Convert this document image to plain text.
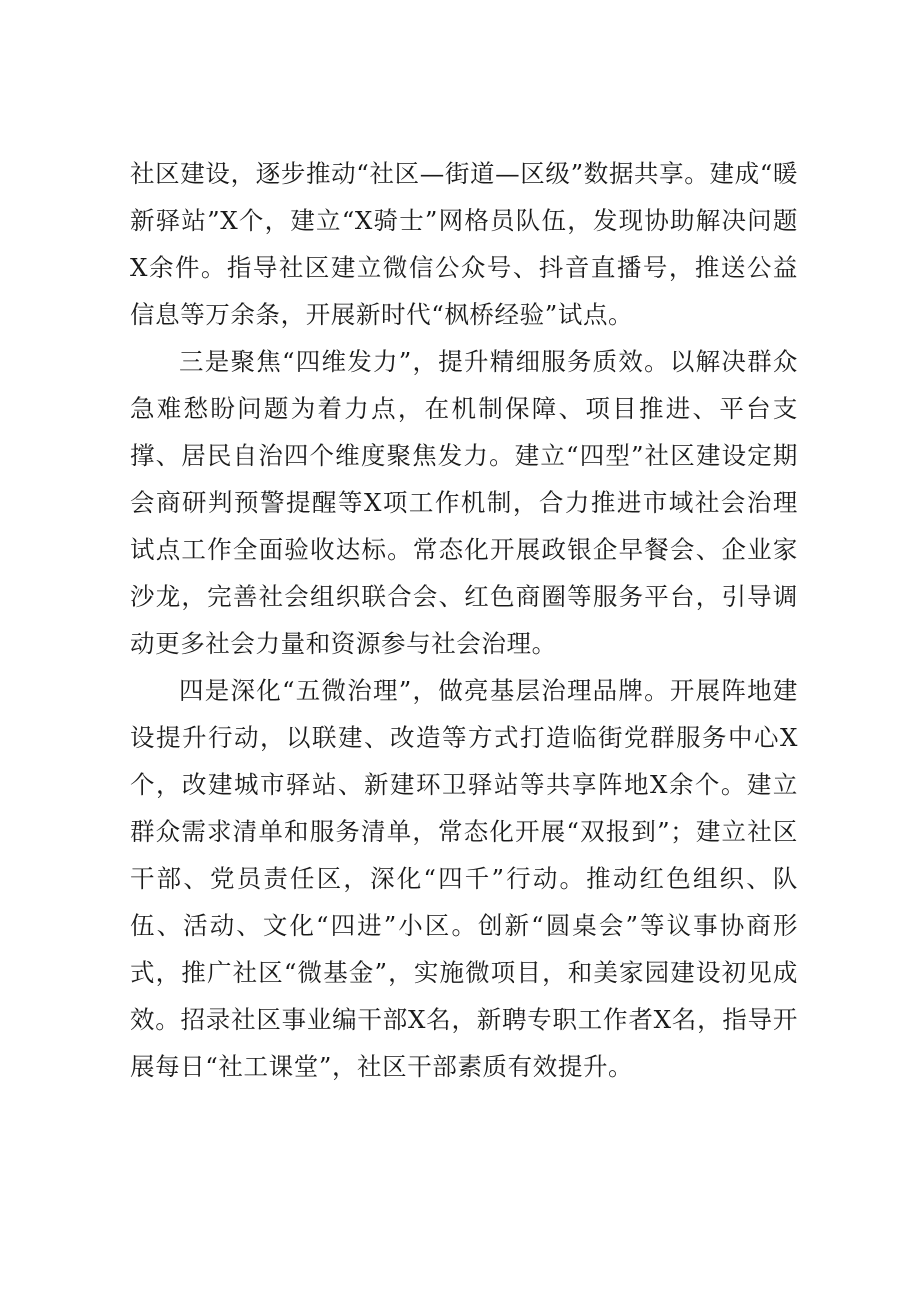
社区建设，逐步推动“社区—街道—区级”数据共享。建成“暖新驿站”X个，建立“X骑士”网格员队伍，发现协助解决问题X余件。指导社区建立微信公众号、抖音直播号，推送公益信息等万余条，开展新时代“枫桥经验”试点。

三是聚焦“四维发力”，提升精细服务质效。以解决群众急难愁盼问题为着力点，在机制保障、项目推进、平台支撑、居民自治四个维度聚焦发力。建立“四型”社区建设定期会商研判预警提醒等X项工作机制，合力推进市域社会治理试点工作全面验收达标。常态化开展政银企早餐会、企业家沙龙，完善社会组织联合会、红色商圈等服务平台，引导调动更多社会力量和资源参与社会治理。

四是深化“五微治理”，做亮基层治理品牌。开展阵地建设提升行动，以联建、改造等方式打造临街党群服务中心X个，改建城市驿站、新建环卫驿站等共享阵地X余个。建立群众需求清单和服务清单，常态化开展“双报到”；建立社区干部、党员责任区，深化“四千”行动。推动红色组织、队伍、活动、文化“四进”小区。创新“圆桌会”等议事协商形式，推广社区“微基金”，实施微项目，和美家园建设初见成效。招录社区事业编干部X名，新聘专职工作者X名，指导开展每日“社工课堂”，社区干部素质有效提升。
